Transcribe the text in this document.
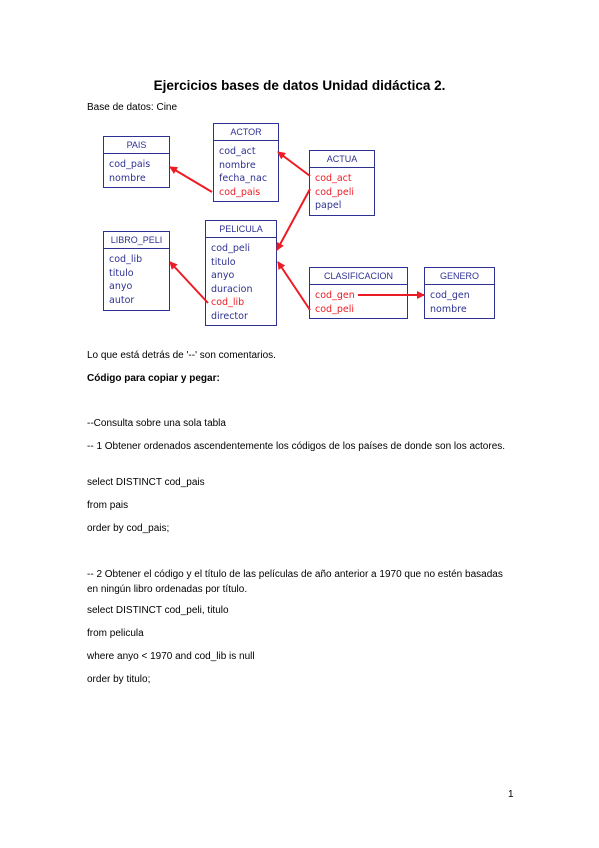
Ejercicios bases de datos Unidad didáctica 2.

Base de datos: Cine

PAIS
cod_pais
nombre
ACTOR
cod_act
nombre
fecha_nac
cod_pais
ACTUA
cod_act
cod_peli
papel
LIBRO_PELI
cod_lib
titulo
anyo
autor
PELICULA
cod_peli
titulo
anyo
duracion
cod_lib
director
CLASIFICACION
cod_gen
cod_peli
GENERO
cod_gen
nombre

Lo que está detrás de '--' son comentarios.

Código para copiar y pegar:

--Consulta sobre una sola tabla

-- 1 Obtener ordenados ascendentemente los códigos de los países de donde son los actores.

select DISTINCT cod_pais

from pais

order by cod_pais;

-- 2 Obtener el código y el título de las películas de año anterior a 1970 que no estén basadas en ningún libro ordenadas por título.

select DISTINCT cod_peli, titulo

from pelicula

where anyo < 1970 and cod_lib is null

order by titulo;

1
